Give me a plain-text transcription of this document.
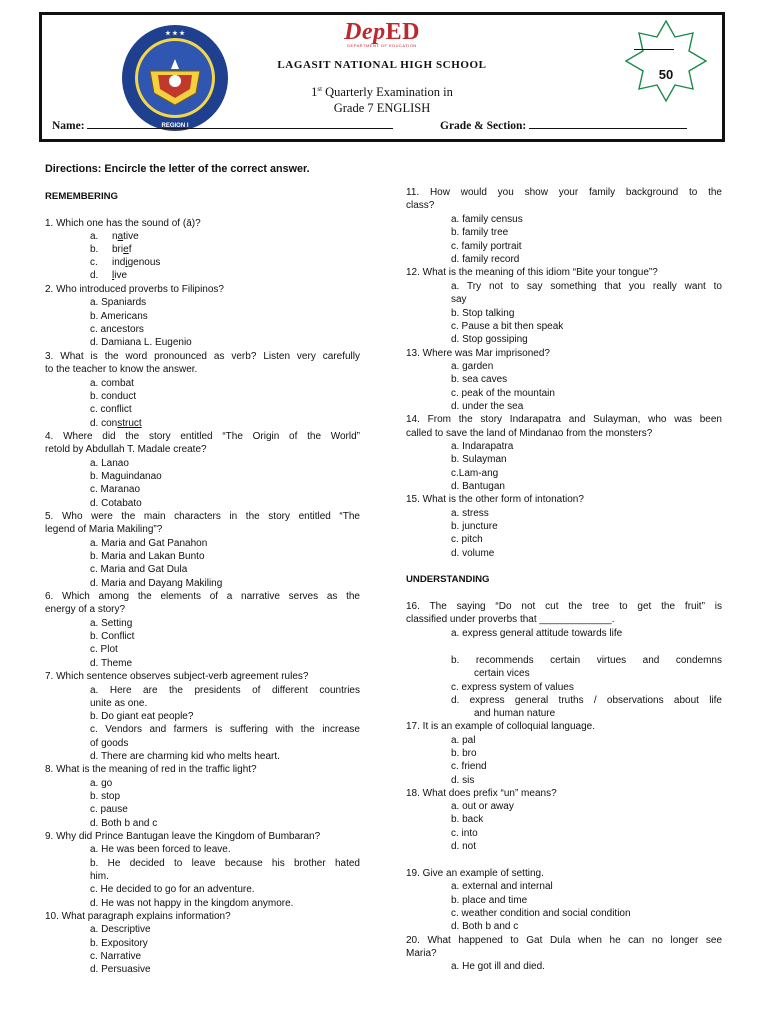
★ ★ ★
REGION I
DepED
DEPARTMENT OF EDUCATION
LAGASIT NATIONAL HIGH SCHOOL
1st Quarterly Examination in
Grade 7 ENGLISH
Name:	Grade & Section:
50
Directions: Encircle the letter of the correct answer.
REMEMBERING
1. Which one has the sound of (ā)?
a. native
b. brief
c. indigenous
d. live
2. Who introduced proverbs to Filipinos?
a. Spaniards
b. Americans
c. ancestors
d. Damiana L. Eugenio
3. What is the word pronounced as verb? Listen very carefully
to the teacher to know the answer.
a. combat
b. conduct
c. conflict
d. construct
4. Where did the story entitled “The Origin of the World”
retold by Abdullah T. Madale create?
a. Lanao
b. Maguindanao
c. Maranao
d. Cotabato
5. Who were the main characters in the story entitled “The
legend of Maria Makiling”?
a. Maria and Gat Panahon
b. Maria and Lakan Bunto
c. Maria and Gat Dula
d. Maria and Dayang Makiling
6. Which among the elements of a narrative serves as the
energy of a story?
a. Setting
b. Conflict
c. Plot
d. Theme
7. Which sentence observes subject-verb agreement rules?
a. Here are the presidents of different countries
unite as one.
b. Do giant eat people?
c. Vendors and farmers is suffering with the increase
of goods
d. There are charming kid who melts heart.
8. What is the meaning of red in the traffic light?
a. go
b. stop
c. pause
d. Both b and c
9. Why did Prince Bantugan leave the Kingdom of Bumbaran?
a. He was been forced to leave.
b. He decided to leave because his brother hated
him.
c. He decided to go for an adventure.
d. He was not happy in the kingdom anymore.
10. What paragraph explains information?
a. Descriptive
b. Expository
c. Narrative
d. Persuasive
11. How would you show your family background to the
class?
a. family census
b. family tree
c. family portrait
d. family record
12. What is the meaning of this idiom “Bite your tongue”?
a. Try not to say something that you really want to
say
b. Stop talking
c. Pause a bit then speak
d. Stop gossiping
13. Where was Mar imprisoned?
a. garden
b. sea caves
c. peak of the mountain
d. under the sea
14. From the story Indarapatra and Sulayman, who was been
called to save the land of Mindanao from the monsters?
a. Indarapatra
b. Sulayman
c.Lam-ang
d. Bantugan
15. What is the other form of intonation?
a. stress
b. juncture
c. pitch
d. volume
UNDERSTANDING
16. The saying “Do not cut the tree to get the fruit” is
classified under proverbs that _____________.
a. express general attitude towards life
b. recommends certain virtues and condemns
certain vices
c. express system of values
d. express general truths / observations about life
and human nature
17. It is an example of colloquial language.
a. pal
b. bro
c. friend
d. sis
18. What does prefix “un” means?
a. out or away
b. back
c. into
d. not
19. Give an example of setting.
a. external and internal
b. place and time
c. weather condition and social condition
d. Both b and c
20. What happened to Gat Dula when he can no longer see
Maria?
a. He got ill and died.
